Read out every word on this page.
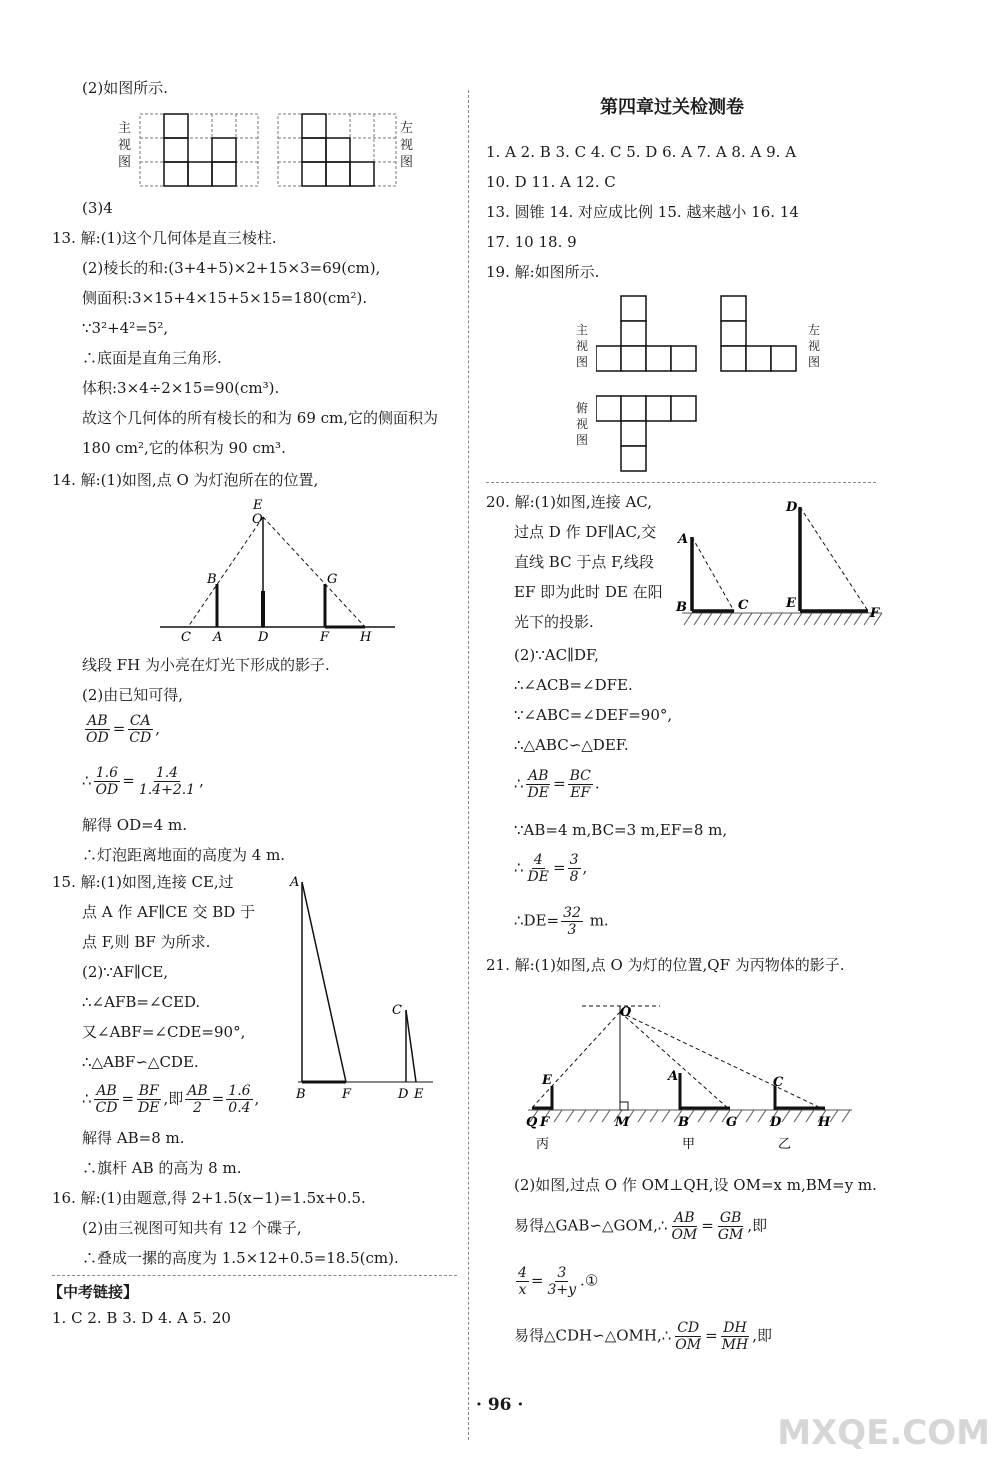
(2)如图所示.
主
视
图
左
视
图
(3)4
13. 解:(1)这个几何体是直三棱柱.
(2)棱长的和:(3+4+5)×2+15×3=69(cm),
侧面积:3×15+4×15+5×15=180(cm²).
∵3²+4²=5²,
∴底面是直角三角形.
体积:3×4÷2×15=90(cm³).
故这个几何体的所有棱长的和为 69 cm,它的侧面积为
180 cm²,它的体积为 90 cm³.
14. 解:(1)如图,点 O 为灯泡所在的位置,
E
O
B	G
C A	D	F H
线段 FH 为小亮在灯光下形成的影子.
(2)由已知可得,
$\frac{AB}{OD} = \frac{CA}{CD}$ ,
∴ $\frac{1.6}{OD} = \frac{1.4}{1.4+2.1}$ ,
解得 OD=4 m.
∴灯泡距离地面的高度为 4 m.
15. 解:(1)如图,连接 CE,过
点 A 作 AF∥CE 交 BD 于
点 F,则 BF 为所求.
(2)∵AF∥CE,
∴∠AFB=∠CED.
又∠ABF=∠CDE=90°,
∴△ABF∽△CDE.
∴ $\frac{AB}{CD} = \frac{BF}{DE}$ ,即 $\frac{AB}{2} = \frac{1.6}{0.4}$ ,
解得 AB=8 m.
∴旗杆 AB 的高为 8 m.
A
B	F
C
D E
16. 解:(1)由题意,得 2+1.5(x−1)=1.5x+0.5.
(2)由三视图可知共有 12 个碟子,
∴叠成一摞的高度为 1.5×12+0.5=18.5(cm).
【中考链接】
1. C 2. B 3. D 4. A 5. 20
第四章过关检测卷
1. A 2. B 3. C 4. C 5. D 6. A 7. A 8. A 9. A
10. D 11. A 12. C
13. 圆锥 14. 对应成比例 15. 越来越小 16. 14
17. 10 18. 9
19. 解:如图所示.
主
视
图
左
视
图
俯
视
图
20. 解:(1)如图,连接 AC,
过点 D 作 DF∥AC,交
直线 BC 于点 F,线段
EF 即为此时 DE 在阳
光下的投影.
(2)∵AC∥DF,
∴∠ACB=∠DFE.
∵∠ABC=∠DEF=90°,
∴△ABC∽△DEF.
A
B	C
D
E
F
∴ $\frac{AB}{DE} = \frac{BC}{EF}$ .
∵AB=4 m,BC=3 m,EF=8 m,
∴ $\frac{4}{DE} = \frac{3}{8}$ ,
∴DE= $\frac{32}{3} m$.
21. 解:(1)如图,点 O 为灯的位置,QF 为丙物体的影子.
O
E	A	C
Q F	M	B	G	D	H
丙	甲	乙
(2)如图,过点 O 作 OM⊥QH,设 OM=x m,BM=y m.
易得△GAB∽△GOM,∴ $\frac{AB}{OM} = \frac{GB}{GM}$ ,即
$\frac{4}{x} = \frac{3}{3+y}$ .①
易得△CDH∽△OMH,∴ $\frac{CD}{OM} = \frac{DH}{MH}$ ,即
· 96 ·
MXQE.COM
